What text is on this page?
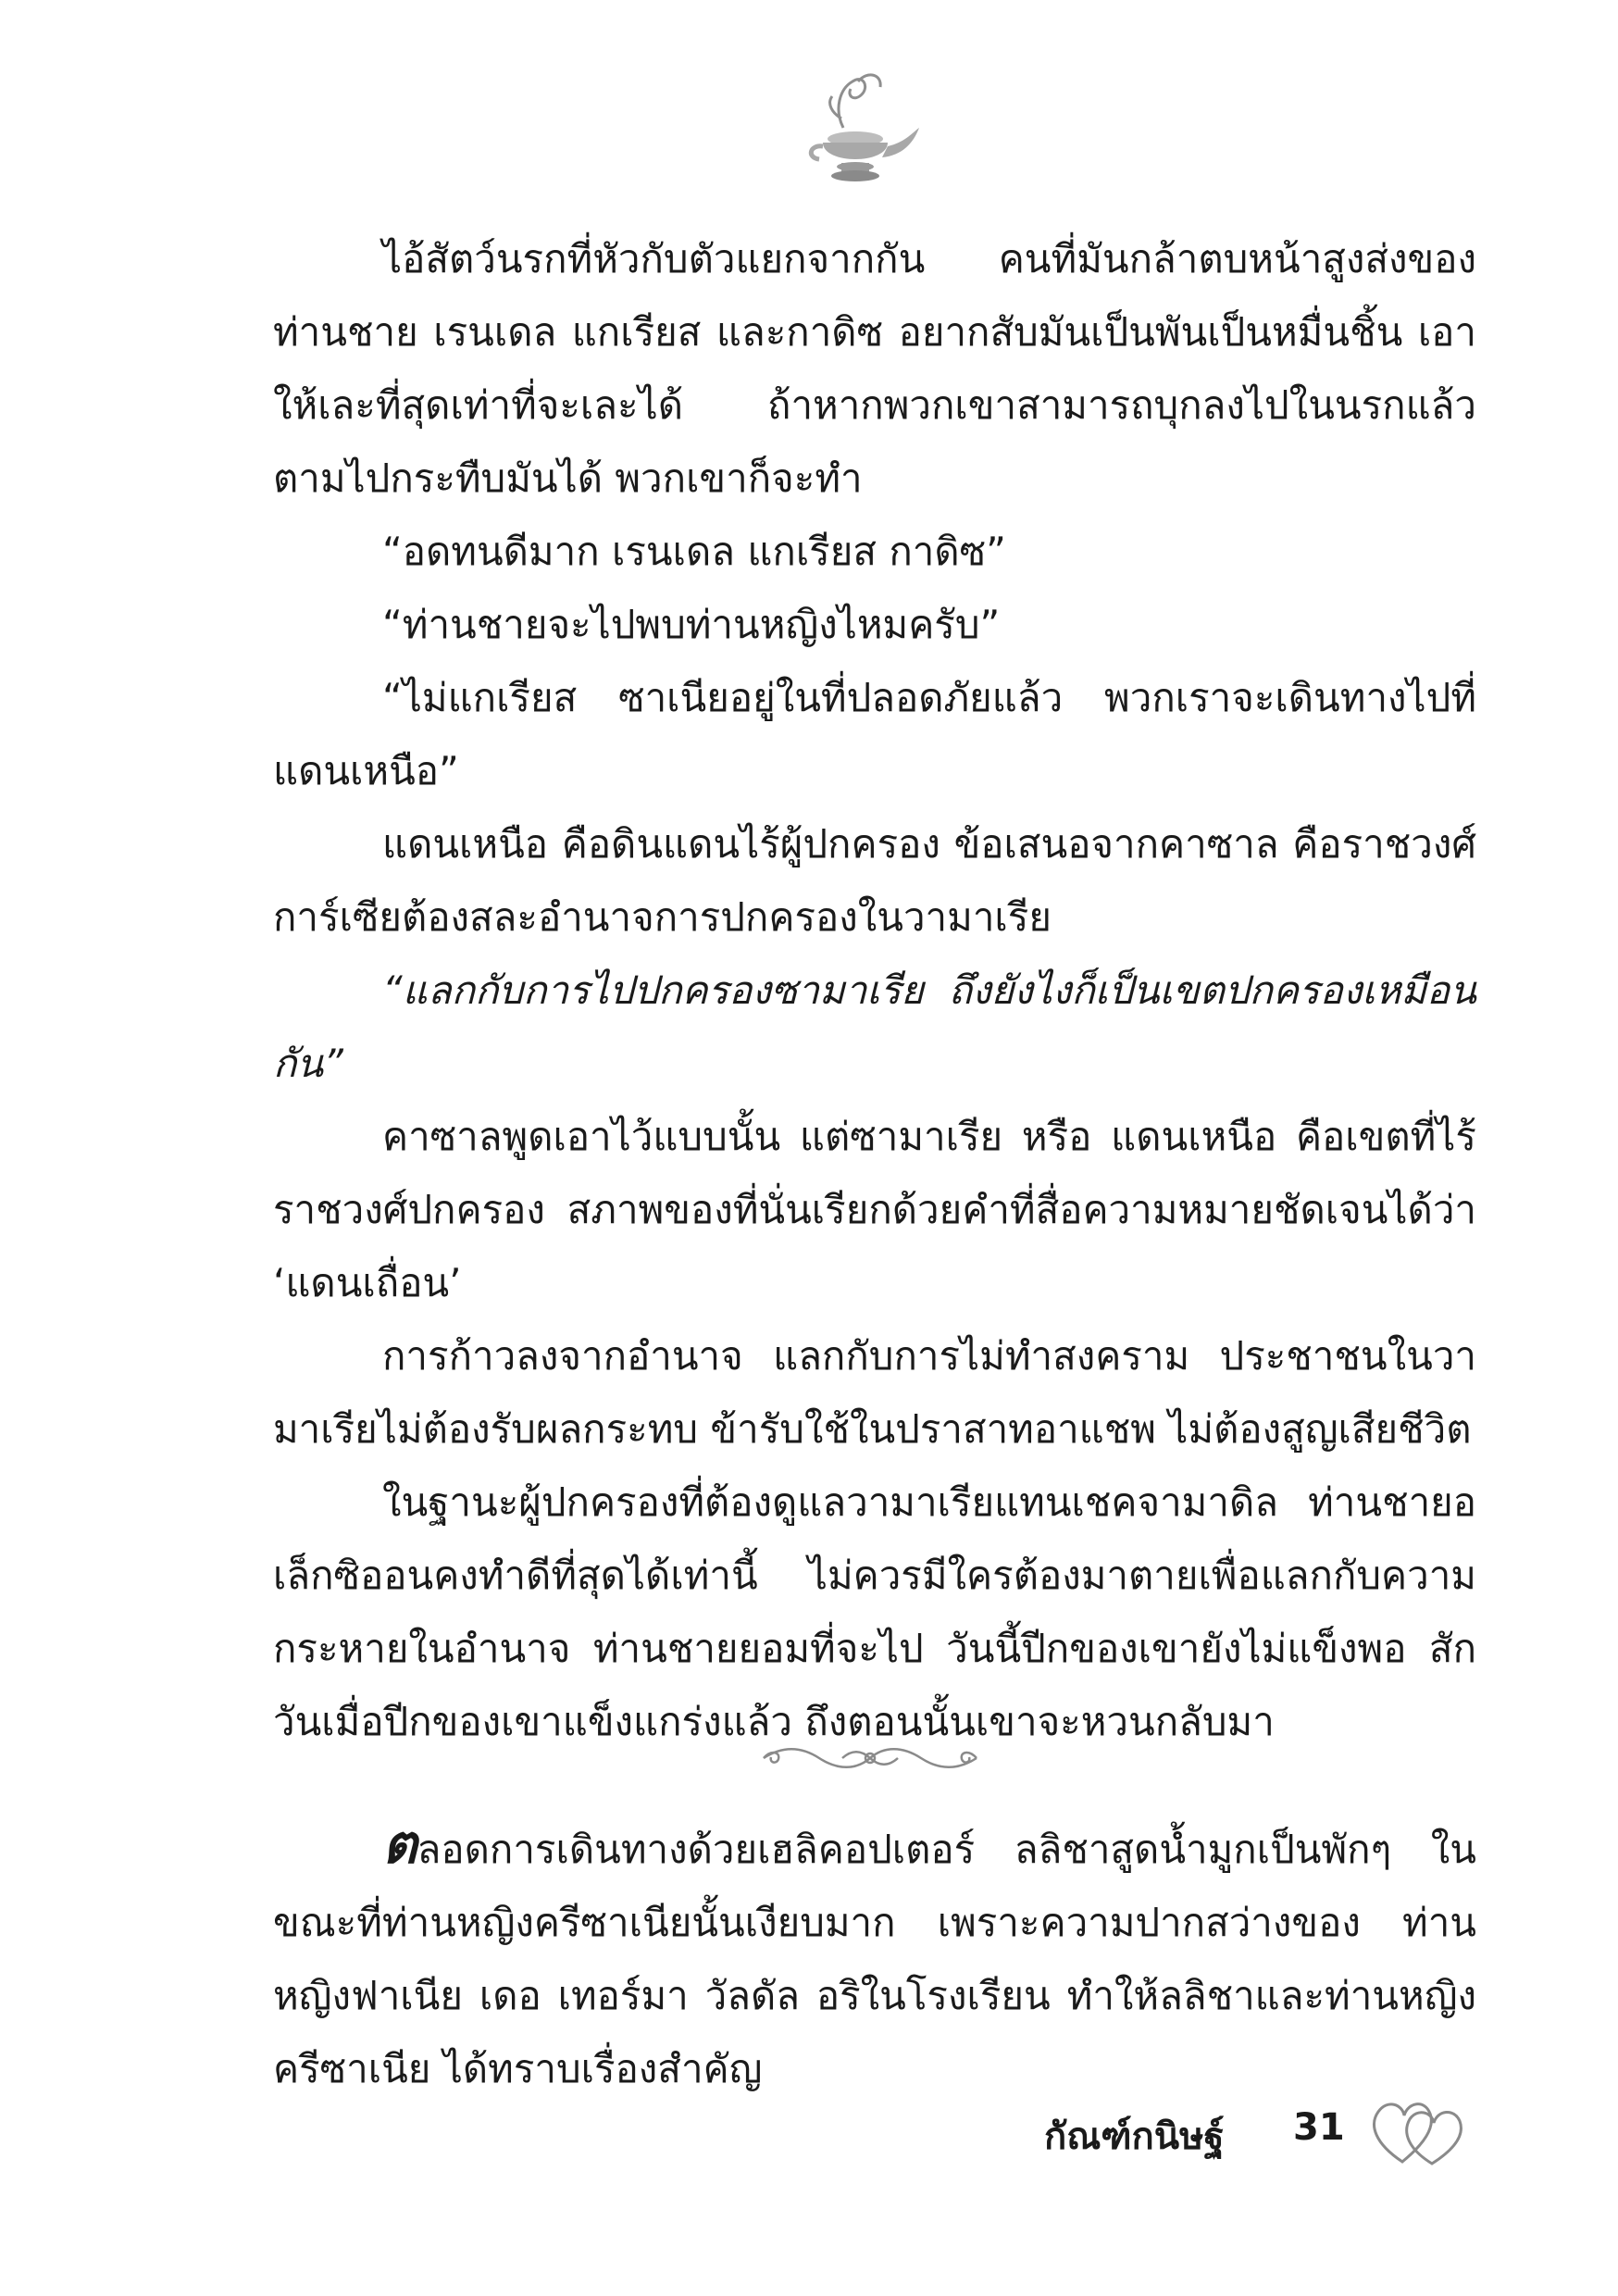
ไอ้สัตว์นรกที่หัวกับตัวแยกจากกัน คนที่มันกล้าตบหน้าสูงส่งของท่านชาย เรนเดล แกเรียส และกาดิซ อยากสับมันเป็นพันเป็นหมื่นชิ้น เอาให้เละที่สุดเท่าที่จะเละได้ ถ้าหากพวกเขาสามารถบุกลงไปในนรกแล้วตามไปกระทืบมันได้ พวกเขาก็จะทำ

“อดทนดีมาก เรนเดล แกเรียส กาดิซ”

“ท่านชายจะไปพบท่านหญิงไหมครับ”

“ไม่แกเรียส ซาเนียอยู่ในที่ปลอดภัยแล้ว พวกเราจะเดินทางไปที่แดนเหนือ”

แดนเหนือ คือดินแดนไร้ผู้ปกครอง ข้อเสนอจากคาซาล คือราชวงศ์การ์เซียต้องสละอำนาจการปกครองในวามาเรีย

“แลกกับการไปปกครองซามาเรีย ถึงยังไงก็เป็นเขตปกครองเหมือนกัน”

คาซาลพูดเอาไว้แบบนั้น แต่ซามาเรีย หรือ แดนเหนือ คือเขตที่ไร้ราชวงศ์ปกครอง สภาพของที่นั่นเรียกด้วยคำที่สื่อความหมายชัดเจนได้ว่า ‘แดนเถื่อน’

การก้าวลงจากอำนาจ แลกกับการไม่ทำสงคราม ประชาชนในวามาเรียไม่ต้องรับผลกระทบ ข้ารับใช้ในปราสาทอาแชพ ไม่ต้องสูญเสียชีวิต

ในฐานะผู้ปกครองที่ต้องดูแลวามาเรียแทนเชคจามาดิล ท่านชายอเล็กซิออนคงทำดีที่สุดได้เท่านี้ ไม่ควรมีใครต้องมาตายเพื่อแลกกับความกระหายในอำนาจ ท่านชายยอมที่จะไป วันนี้ปีกของเขายังไม่แข็งพอ สักวันเมื่อปีกของเขาแข็งแกร่งแล้ว ถึงตอนนั้นเขาจะหวนกลับมา

ตลอดการเดินทางด้วยเฮลิคอปเตอร์ ลลิชาสูดน้ำมูกเป็นพักๆ ในขณะที่ท่านหญิงครีซาเนียนั้นเงียบมาก เพราะความปากสว่างของ ท่านหญิงฟาเนีย เดอ เทอร์มา วัลดัล อริในโรงเรียน ทำให้ลลิชาและท่านหญิงครีซาเนีย ได้ทราบเรื่องสำคัญ

กัณฑ์กนิษฐ์ 31
